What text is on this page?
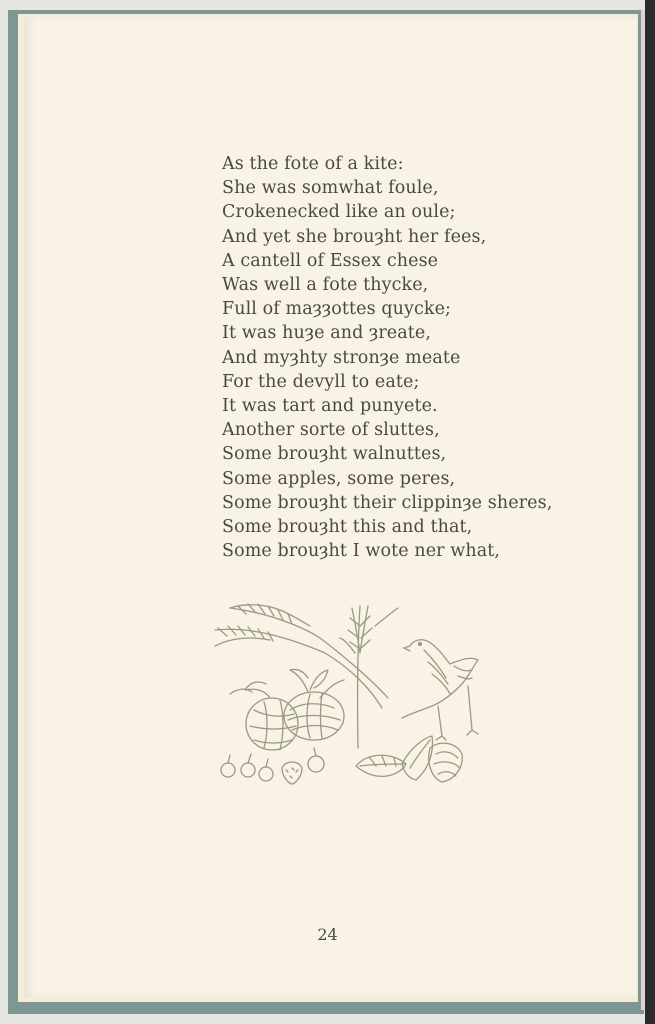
As the fote of a kite:
She was somwhat foule,
Crokenecked like an oule;
And yet she brouȝht her fees,
A cantell of Essex chese
Was well a fote thycke,
Full of maȝȝottes quycke;
It was huȝe and ȝreate,
And myȝhty stronȝe meate
For the devyll to eate;
It was tart and punyete.
Another sorte of sluttes,
Some brouȝht walnuttes,
Some apples, some peres,
Some brouȝht their clippinȝe sheres,
Some brouȝht this and that,
Some brouȝht I wote ner what,
24
